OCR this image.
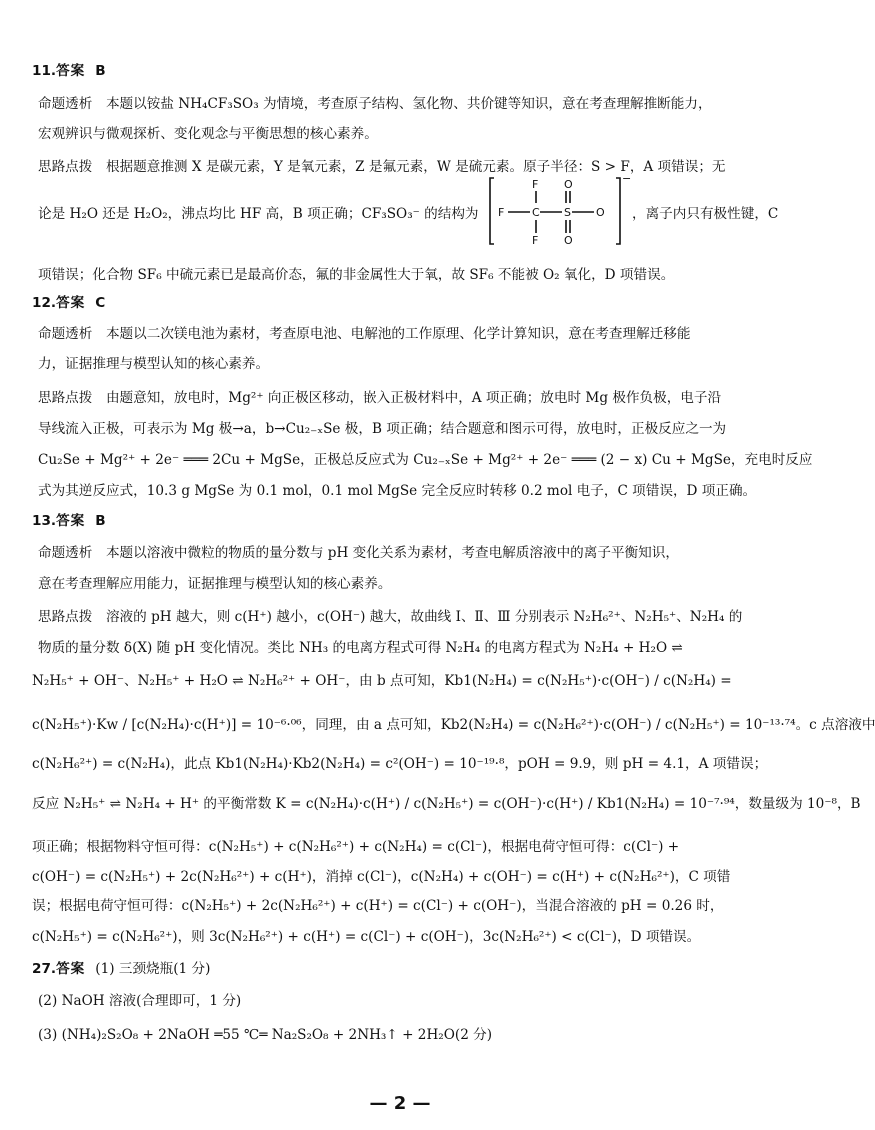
11.答案 B
命题透析　本题以铵盐 NH₄CF₃SO₃ 为情境，考查原子结构、氢化物、共价键等知识，意在考查理解推断能力，
宏观辨识与微观探析、变化观念与平衡思想的核心素养。
思路点拨　根据题意推测 X 是碳元素，Y 是氧元素，Z 是氟元素，W 是硫元素。原子半径：S > F，A 项错误；无
论是 H₂O 还是 H₂O₂，沸点均比 HF 高，B 项正确；CF₃SO₃⁻ 的结构为
−
F
F
C S
O
O
O
F	，离子内只有极性键，C
项错误；化合物 SF₆ 中硫元素已是最高价态，氟的非金属性大于氧，故 SF₆ 不能被 O₂ 氧化，D 项错误。
12.答案 C
命题透析　本题以二次镁电池为素材，考查原电池、电解池的工作原理、化学计算知识，意在考查理解迁移能
力，证据推理与模型认知的核心素养。
思路点拨　由题意知，放电时，Mg²⁺ 向正极区移动，嵌入正极材料中，A 项正确；放电时 Mg 极作负极，电子沿
导线流入正极，可表示为 Mg 极→a，b→Cu₂₋ₓSe 极，B 项正确；结合题意和图示可得，放电时，正极反应之一为
Cu₂Se + Mg²⁺ + 2e⁻ ═══ 2Cu + MgSe，正极总反应式为 Cu₂₋ₓSe + Mg²⁺ + 2e⁻ ═══ (2 − x) Cu + MgSe，充电时反应
式为其逆反应式，10.3 g MgSe 为 0.1 mol，0.1 mol MgSe 完全反应时转移 0.2 mol 电子，C 项错误，D 项正确。
13.答案 B
命题透析　本题以溶液中微粒的物质的量分数与 pH 变化关系为素材，考查电解质溶液中的离子平衡知识，
意在考查理解应用能力，证据推理与模型认知的核心素养。
思路点拨　溶液的 pH 越大，则 c(H⁺) 越小，c(OH⁻) 越大，故曲线 Ⅰ、Ⅱ、Ⅲ 分别表示 N₂H₆²⁺、N₂H₅⁺、N₂H₄ 的
物质的量分数 δ(X) 随 pH 变化情况。类比 NH₃ 的电离方程式可得 N₂H₄ 的电离方程式为 N₂H₄ + H₂O ⇌
N₂H₅⁺ + OH⁻、N₂H₅⁺ + H₂O ⇌ N₂H₆²⁺ + OH⁻，由 b 点可知，Kb1(N₂H₄) = c(N₂H₅⁺)·c(OH⁻) / c(N₂H₄) =
c(N₂H₅⁺)·Kw / [c(N₂H₄)·c(H⁺)] = 10⁻⁶·⁰⁶，同理，由 a 点可知，Kb2(N₂H₄) = c(N₂H₆²⁺)·c(OH⁻) / c(N₂H₅⁺) = 10⁻¹³·⁷⁴。c 点溶液中
c(N₂H₆²⁺) = c(N₂H₄)，此点 Kb1(N₂H₄)·Kb2(N₂H₄) = c²(OH⁻) = 10⁻¹⁹·⁸，pOH = 9.9，则 pH = 4.1，A 项错误；
反应 N₂H₅⁺ ⇌ N₂H₄ + H⁺ 的平衡常数 K = c(N₂H₄)·c(H⁺) / c(N₂H₅⁺) = c(OH⁻)·c(H⁺) / Kb1(N₂H₄) = 10⁻⁷·⁹⁴，数量级为 10⁻⁸，B
项正确；根据物料守恒可得：c(N₂H₅⁺) + c(N₂H₆²⁺) + c(N₂H₄) = c(Cl⁻)，根据电荷守恒可得：c(Cl⁻) +
c(OH⁻) = c(N₂H₅⁺) + 2c(N₂H₆²⁺) + c(H⁺)，消掉 c(Cl⁻)，c(N₂H₄) + c(OH⁻) = c(H⁺) + c(N₂H₆²⁺)，C 项错
误；根据电荷守恒可得：c(N₂H₅⁺) + 2c(N₂H₆²⁺) + c(H⁺) = c(Cl⁻) + c(OH⁻)，当混合溶液的 pH = 0.26 时，
c(N₂H₅⁺) = c(N₂H₆²⁺)，则 3c(N₂H₆²⁺) + c(H⁺) = c(Cl⁻) + c(OH⁻)，3c(N₂H₆²⁺) < c(Cl⁻)，D 项错误。
27.答案 (1) 三颈烧瓶(1 分)
(2) NaOH 溶液(合理即可，1 分)
(3) (NH₄)₂S₂O₈ + 2NaOH ═55 ℃═ Na₂S₂O₈ + 2NH₃↑ + 2H₂O(2 分)
— 2 —
